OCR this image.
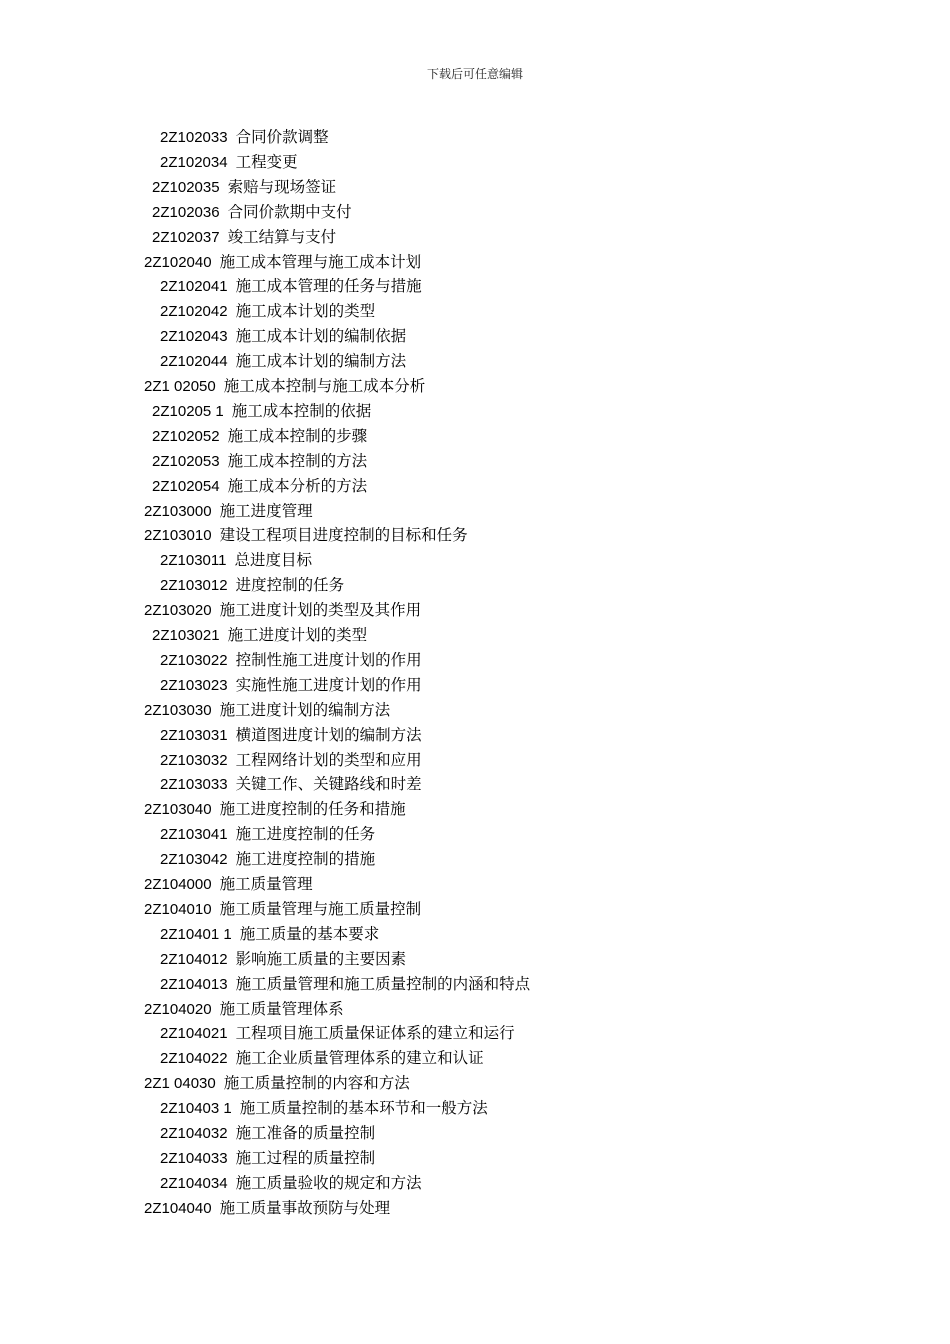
下载后可任意编辑
2Z102033 合同价款调整
2Z102034 工程变更
2Z102035 索赔与现场签证
2Z102036 合同价款期中支付
2Z102037 竣工结算与支付
2Z102040 施工成本管理与施工成本计划
2Z102041 施工成本管理的任务与措施
2Z102042 施工成本计划的类型
2Z102043 施工成本计划的编制依据
2Z102044 施工成本计划的编制方法
2Z1 02050 施工成本控制与施工成本分析
2Z10205 1 施工成本控制的依据
2Z102052 施工成本控制的步骤
2Z102053 施工成本控制的方法
2Z102054 施工成本分析的方法
2Z103000 施工进度管理
2Z103010 建设工程项目进度控制的目标和任务
2Z103011 总进度目标
2Z103012 进度控制的任务
2Z103020 施工进度计划的类型及其作用
2Z103021 施工进度计划的类型
2Z103022 控制性施工进度计划的作用
2Z103023 实施性施工进度计划的作用
2Z103030 施工进度计划的编制方法
2Z103031 横道图进度计划的编制方法
2Z103032 工程网络计划的类型和应用
2Z103033 关键工作、关键路线和时差
2Z103040 施工进度控制的任务和措施
2Z103041 施工进度控制的任务
2Z103042 施工进度控制的措施
2Z104000 施工质量管理
2Z104010 施工质量管理与施工质量控制
2Z10401 1 施工质量的基本要求
2Z104012 影响施工质量的主要因素
2Z104013 施工质量管理和施工质量控制的内涵和特点
2Z104020 施工质量管理体系
2Z104021 工程项目施工质量保证体系的建立和运行
2Z104022 施工企业质量管理体系的建立和认证
2Z1 04030 施工质量控制的内容和方法
2Z10403 1 施工质量控制的基本环节和一般方法
2Z104032 施工准备的质量控制
2Z104033 施工过程的质量控制
2Z104034 施工质量验收的规定和方法
2Z104040 施工质量事故预防与处理
